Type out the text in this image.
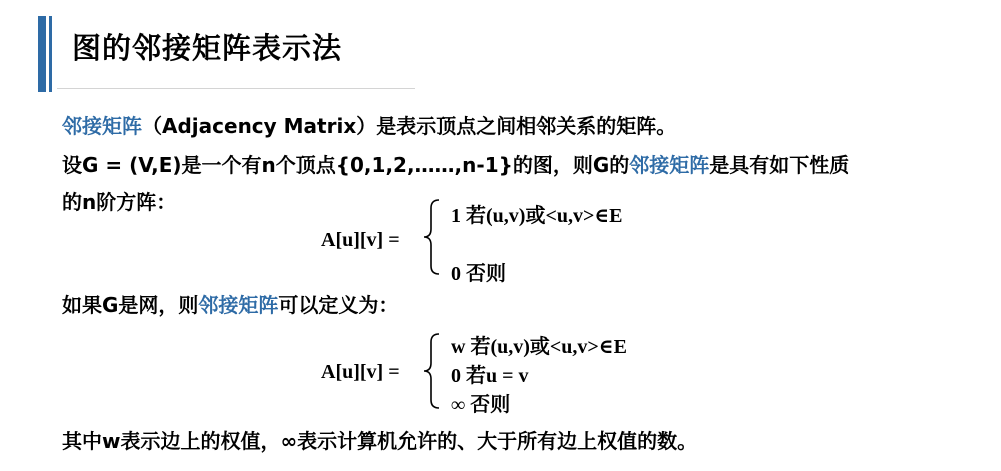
图的邻接矩阵表示法
邻接矩阵（Adjacency Matrix）是表示顶点之间相邻关系的矩阵。
设G = (V,E)是一个有n个顶点{0,1,2,……,n-1}的图，则G的邻接矩阵是具有如下性质
的n阶方阵：
A[u][v] =
1 若(u,v)或<u,v>∈E
0 否则
如果G是网，则邻接矩阵可以定义为：
A[u][v] =
w 若(u,v)或<u,v>∈E
0 若u = v
∞ 否则
其中w表示边上的权值，∞表示计算机允许的、大于所有边上权值的数。
